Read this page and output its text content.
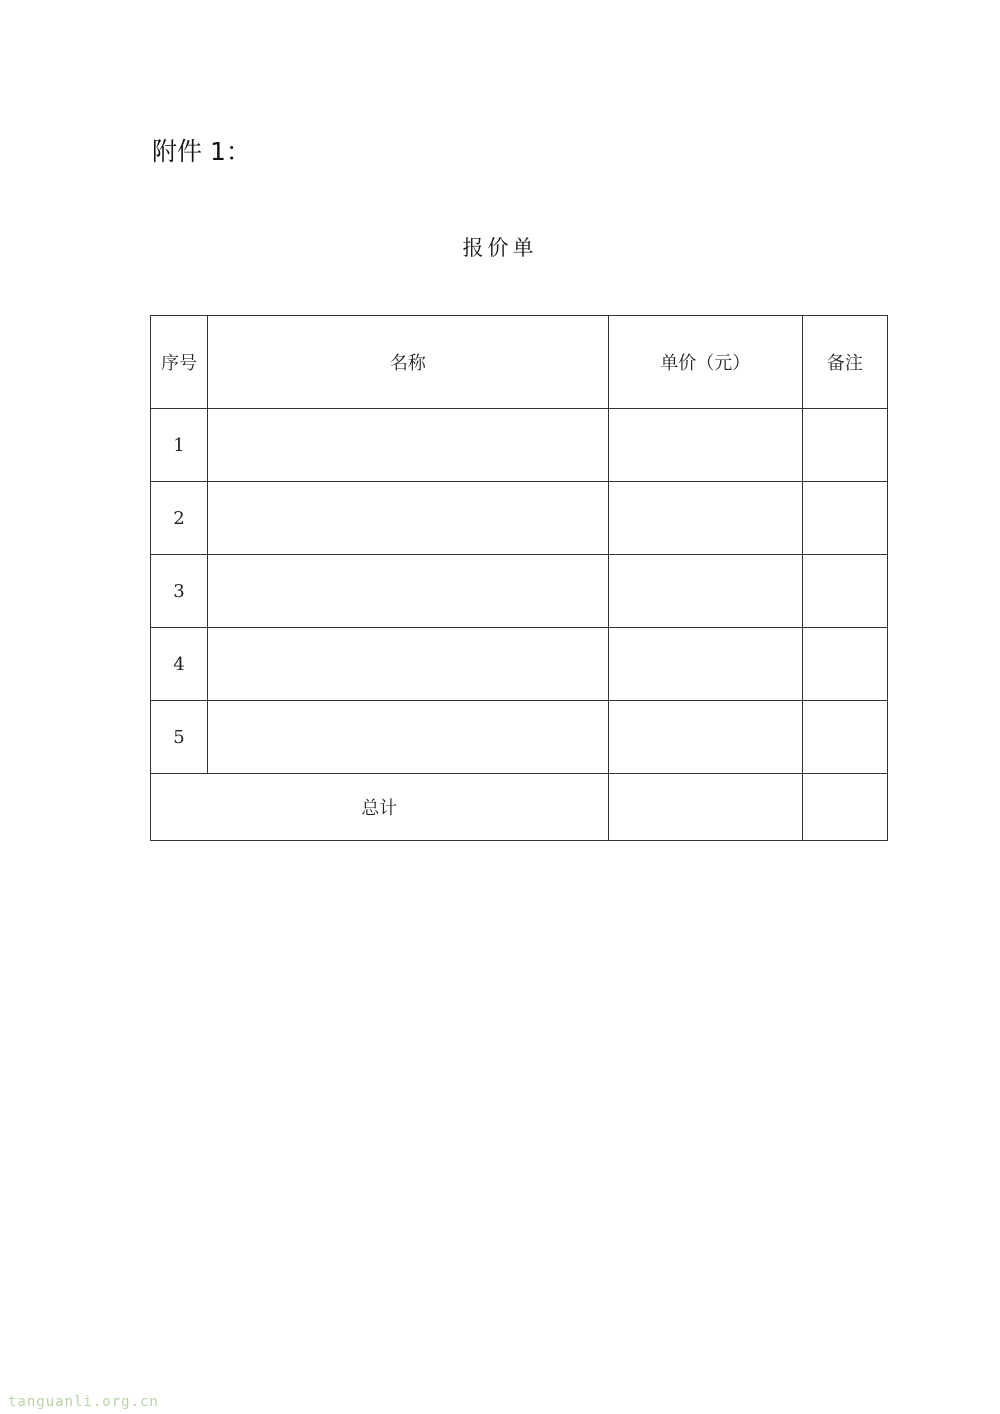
附件 1：
报价单
序号	名称	单价（元）	备注
1			
2			
3			
4			
5			
总计			
tanguanli.org.cn
